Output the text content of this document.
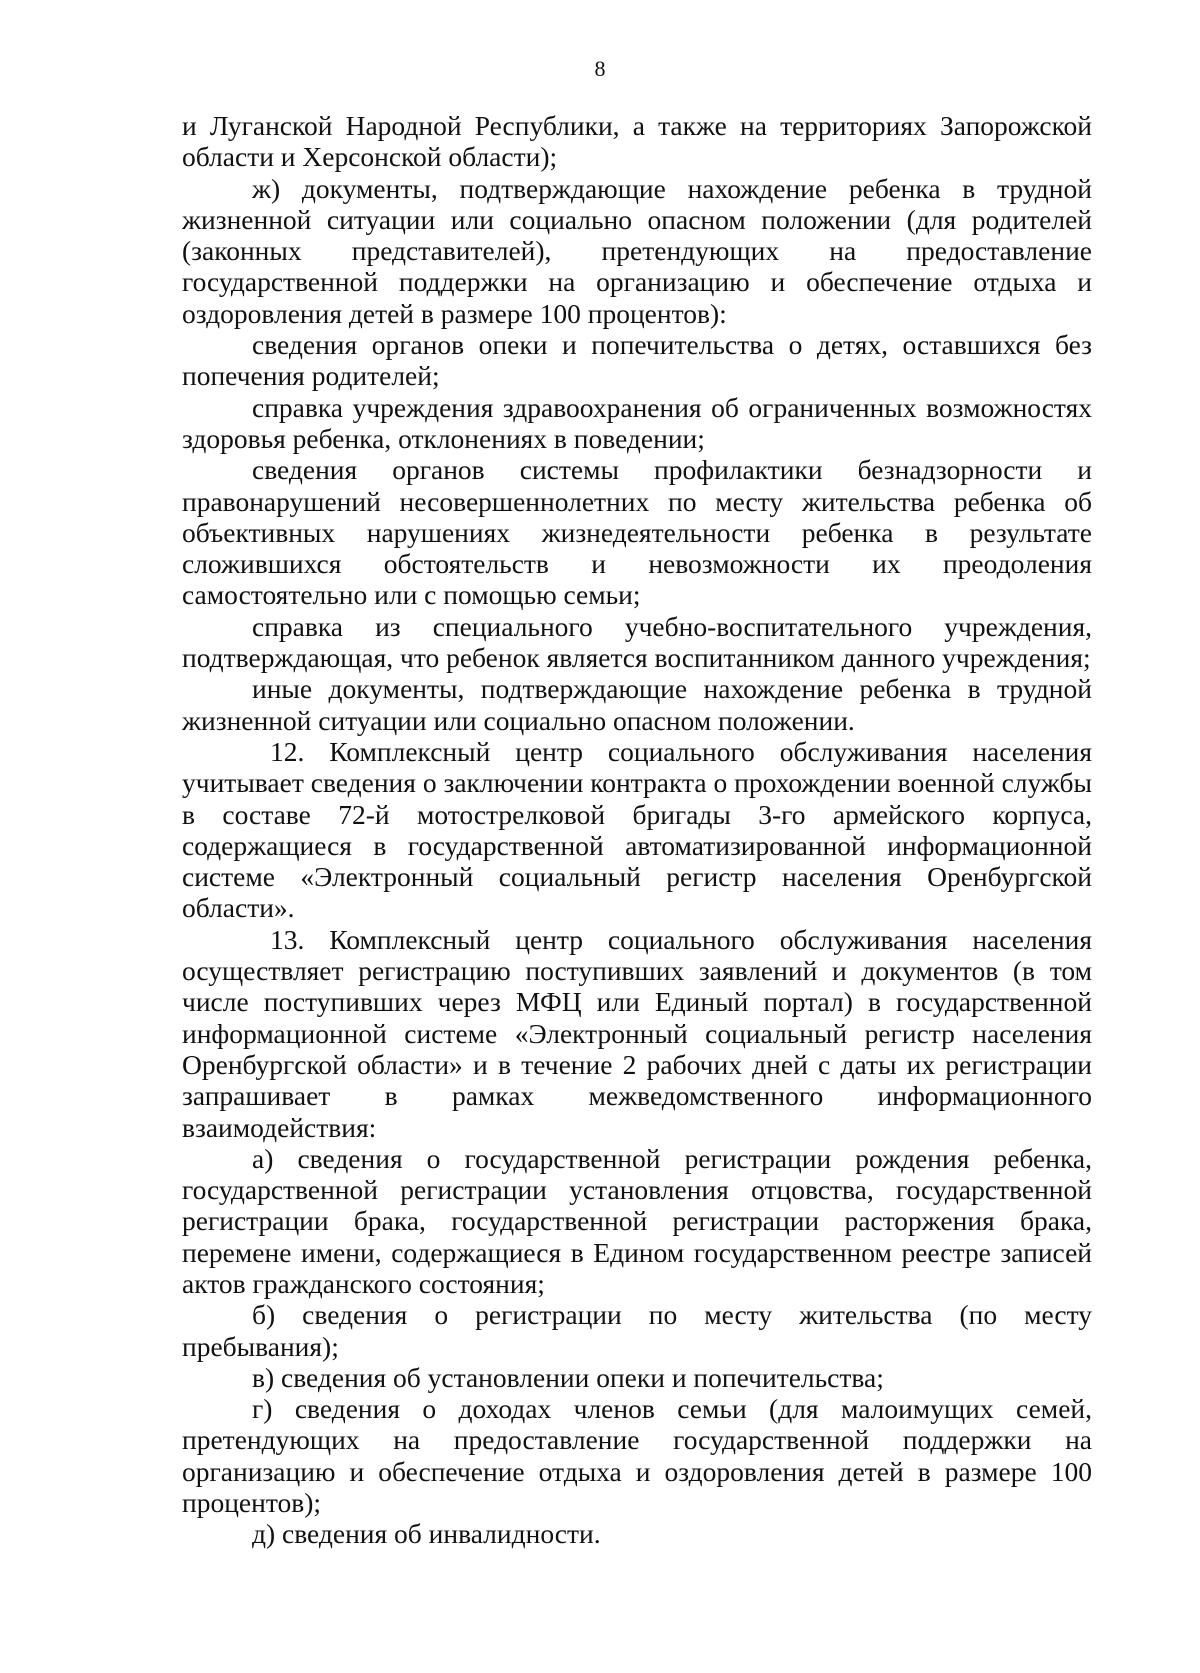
8

и Луганской Народной Республики, а также на территориях Запорожской области и Херсонской области);

ж) документы, подтверждающие нахождение ребенка в трудной жизненной ситуации или социально опасном положении (для родителей (законных представителей), претендующих на предоставление государственной поддержки на организацию и обеспечение отдыха и оздоровления детей в размере 100 процентов):

сведения органов опеки и попечительства о детях, оставшихся без попечения родителей;

справка учреждения здравоохранения об ограниченных возможностях здоровья ребенка, отклонениях в поведении;

сведения органов системы профилактики безнадзорности и правонарушений несовершеннолетних по месту жительства ребенка об объективных нарушениях жизнедеятельности ребенка в результате сложившихся обстоятельств и невозможности их преодоления самостоятельно или с помощью семьи;

справка из специального учебно-воспитательного учреждения, подтверждающая, что ребенок является воспитанником данного учреждения;

иные документы, подтверждающие нахождение ребенка в трудной жизненной ситуации или социально опасном положении.

12. Комплексный центр социального обслуживания населения учитывает сведения о заключении контракта о прохождении военной службы в составе 72-й мотострелковой бригады 3-го армейского корпуса, содержащиеся в государственной автоматизированной информационной системе «Электронный социальный регистр населения Оренбургской области».

13. Комплексный центр социального обслуживания населения осуществляет регистрацию поступивших заявлений и документов (в том числе поступивших через МФЦ или Единый портал) в государственной информационной системе «Электронный социальный регистр населения Оренбургской области» и в течение 2 рабочих дней с даты их регистрации запрашивает в рамках межведомственного информационного взаимодействия:

а) сведения о государственной регистрации рождения ребенка, государственной регистрации установления отцовства, государственной регистрации брака, государственной регистрации расторжения брака, перемене имени, содержащиеся в Едином государственном реестре записей актов гражданского состояния;

б) сведения о регистрации по месту жительства (по месту пребывания);

в) сведения об установлении опеки и попечительства;

г) сведения о доходах членов семьи (для малоимущих семей, претендующих на предоставление государственной поддержки на организацию и обеспечение отдыха и оздоровления детей в размере 100 процентов);

д) сведения об инвалидности.
